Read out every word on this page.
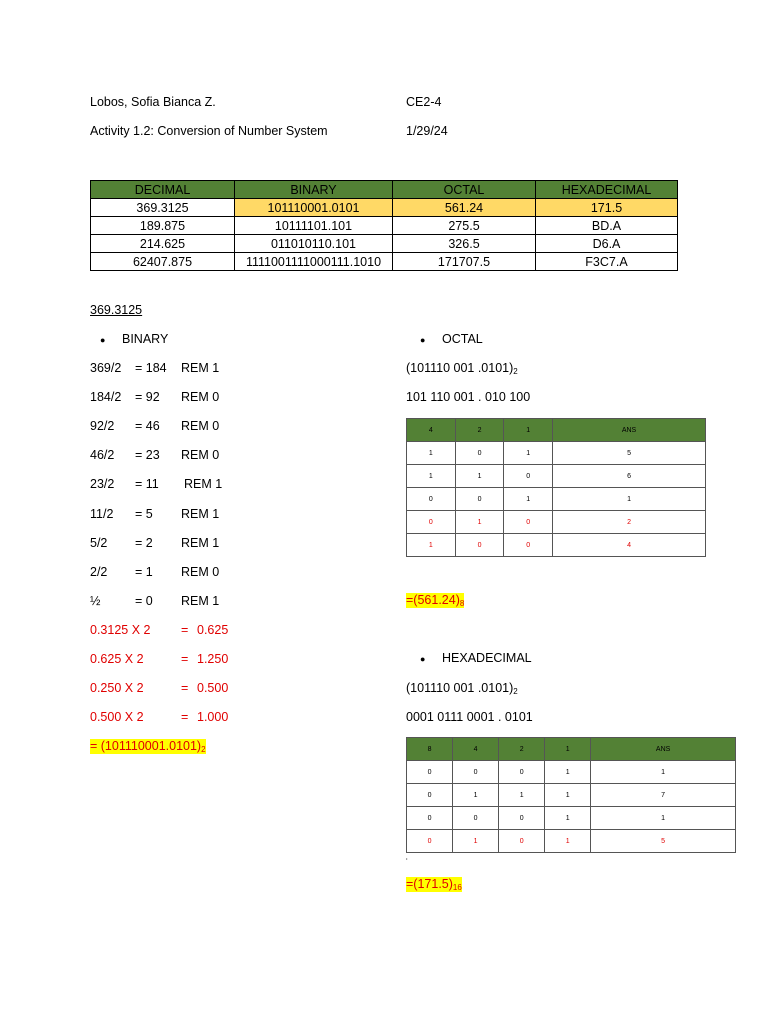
Lobos, Sofia Bianca Z.	CE2-4
Activity 1.2: Conversion of Number System	1/29/24
DECIMAL	BINARY	OCTAL	HEXADECIMAL
369.3125	101110001.0101	561.24	171.5
189.875	10111101.101	275.5	BD.A
214.625	011010110.101	326.5	D6.A
62407.875	1111001111000111.1010	171707.5	F3C7.A
369.3125
● BINARY
369/2 = 184 REM 1
184/2 = 92 REM 0
92/2 = 46 REM 0
46/2 = 23 REM 0
23/2 = 11 REM 1
11/2 = 5 REM 1
5/2 = 2 REM 1
2/2 = 1 REM 0
½	= 0 REM 1
0.3125 X 2 = 0.625
0.625 X 2	= 1.250
0.250 X 2	= 0.500
0.500 X 2	= 1.000
= $(101110001.0101)_2$
● OCTAL
(101110 001 $.0101)_2$
101 110 001 . 010 100
4	2	1	ANS
1	0	1	5
1	1	0	6
0	0	1	1
0	1	0	2
1	0	0	4
$=(561.24)_8$
● HEXADECIMAL
(101110 001 $.0101)_2$
0001 0111 0001 . 0101
8	4	2	1	ANS
0	0	0	1	1
0	1	1	1	7
0	0	0	1	1
0	1	0	1	5
•
$=(171.5)_{16}$
